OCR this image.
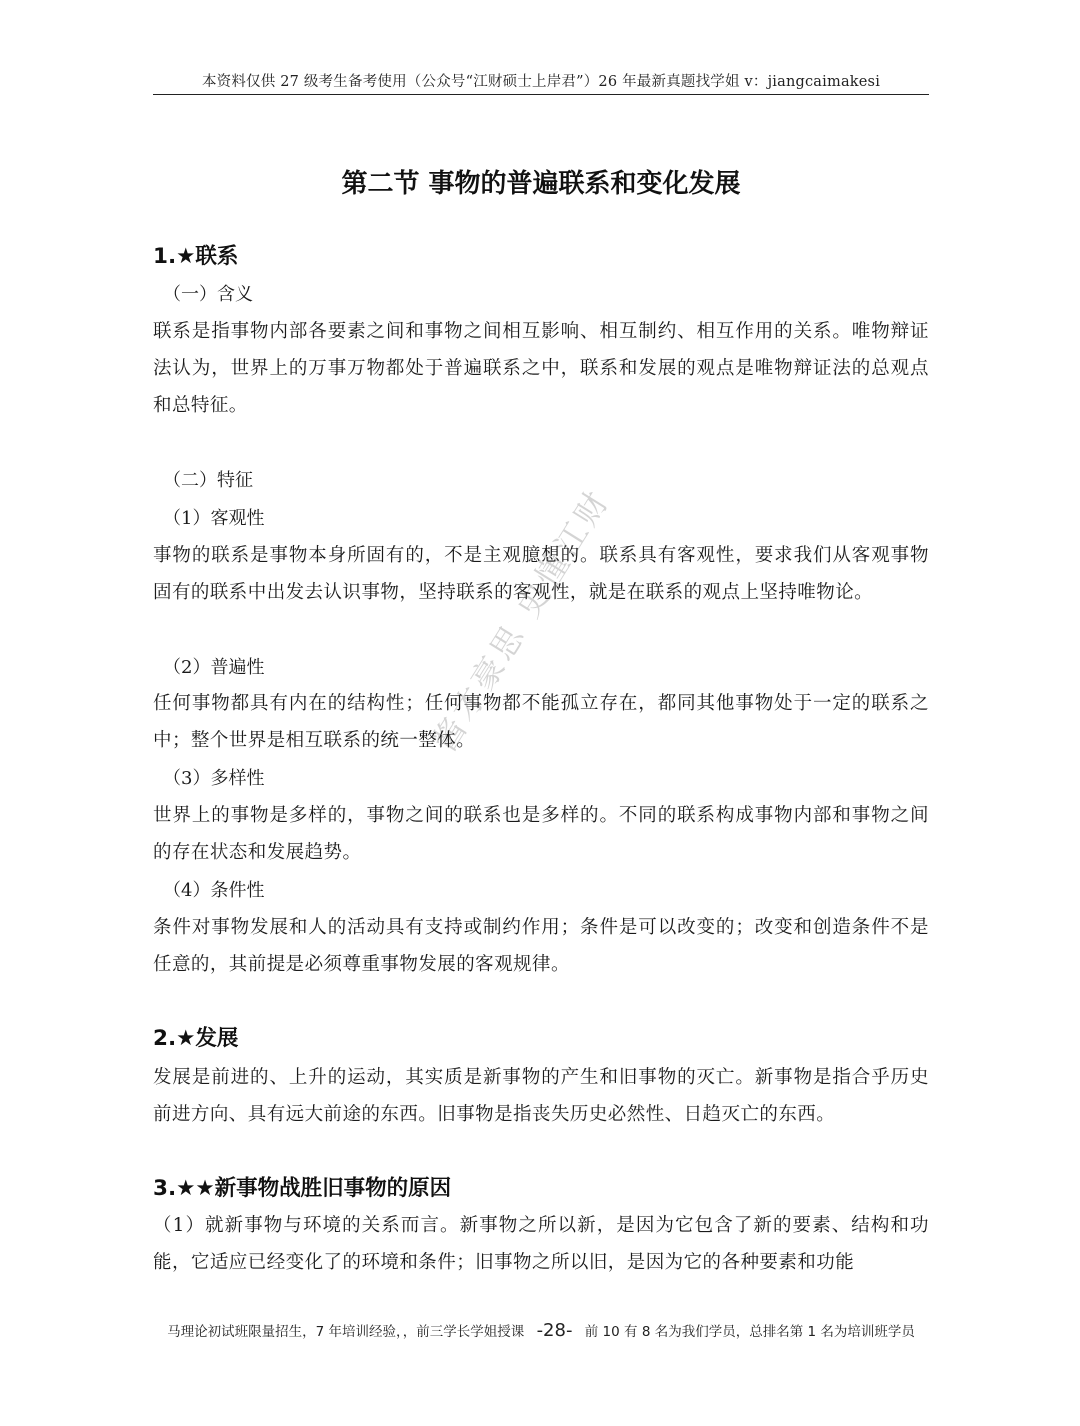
本资料仅供 27 级考生备考使用（公众号“江财硕士上岸君”）26 年最新真题找学姐 v：jiangcaimakesi
第二节 事物的普遍联系和变化发展
1.★联系
（一）含义
联系是指事物内部各要素之间和事物之间相互影响、相互制约、相互作用的关系。唯物辩证法认为，世界上的万事万物都处于普遍联系之中，联系和发展的观点是唯物辩证法的总观点和总特征。
（二）特征
（1）客观性
事物的联系是事物本身所固有的，不是主观臆想的。联系具有客观性，要求我们从客观事物固有的联系中出发去认识事物，坚持联系的客观性，就是在联系的观点上坚持唯物论。
（2）普遍性
任何事物都具有内在的结构性；任何事物都不能孤立存在，都同其他事物处于一定的联系之中；整个世界是相互联系的统一整体。
（3）多样性
世界上的事物是多样的，事物之间的联系也是多样的。不同的联系构成事物内部和事物之间的存在状态和发展趋势。
（4）条件性
条件对事物发展和人的活动具有支持或制约作用；条件是可以改变的；改变和创造条件不是任意的，其前提是必须尊重事物发展的客观规律。
2.★发展
发展是前进的、上升的运动，其实质是新事物的产生和旧事物的灭亡。新事物是指合乎历史前进方向、具有远大前途的东西。旧事物是指丧失历史必然性、日趋灭亡的东西。
3.★★新事物战胜旧事物的原因
（1）就新事物与环境的关系而言。新事物之所以新，是因为它包含了新的要素、结构和功能，它适应已经变化了的环境和条件；旧事物之所以旧，是因为它的各种要素和功能
酱才豪思 史懂江财
马理论初试班限量招生，7 年培训经验，，前三学长学姐授课 -28- 前 10 有 8 名为我们学员，总排名第 1 名为培训班学员
